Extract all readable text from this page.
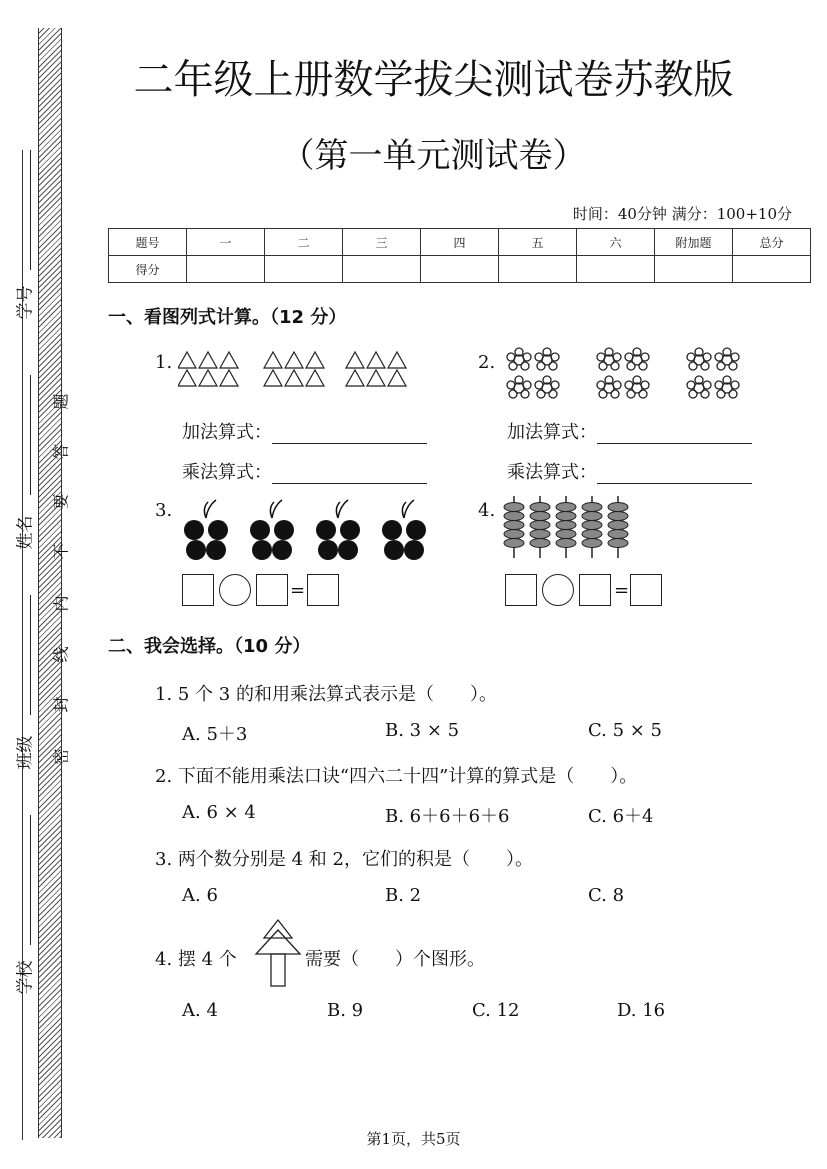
学号
姓名
班级
学校
题
答
要
不
内
线
封
密
二年级上册数学拔尖测试卷苏教版
（第一单元测试卷）
时间：40分钟 满分：100+10分
题号	一	二	三	四	五	六	附加题	总分
得分								
一、看图列式计算。（12 分）
1.	2.
加法算式：
乘法算式：
加法算式：
乘法算式：
3.	4.
=	=
二、我会选择。（10 分）
1. 5 个 3 的和用乘法算式表示是（　　）。
A. 5＋3	B. 3 × 5	C. 5 × 5
2. 下面不能用乘法口诀“四六二十四”计算的算式是（　　）。
A. 6 × 4	B. 6＋6＋6＋6	C. 6＋4
3. 两个数分别是 4 和 2，它们的积是（　　）。
A. 6	B. 2	C. 8
4. 摆 4 个	需要（　　）个图形。
A. 4	B. 9	C. 12	D. 16
第1页，共5页
